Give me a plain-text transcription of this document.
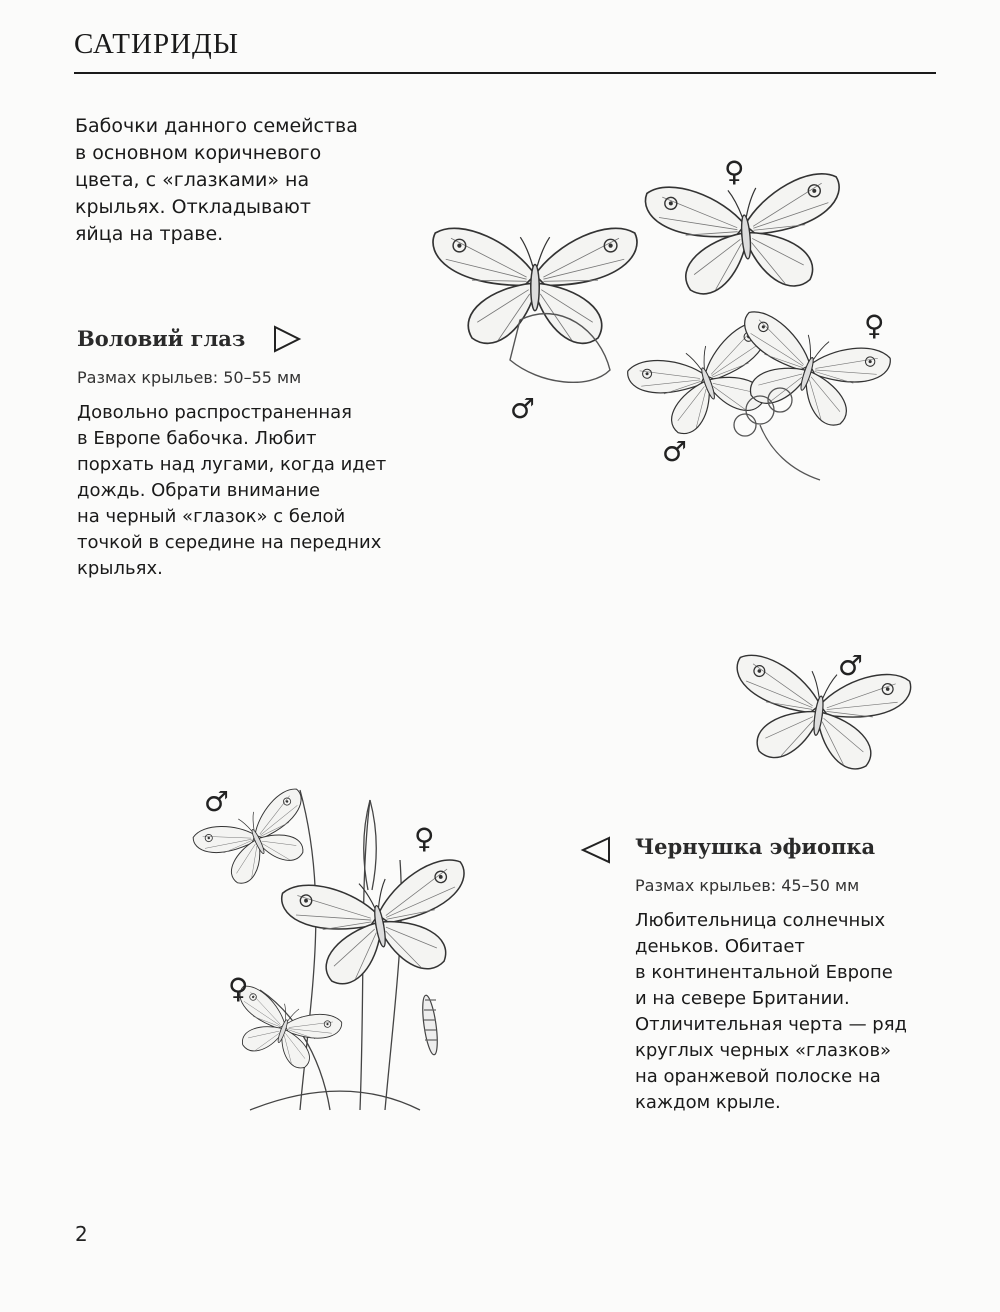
САТИРИДЫ

Бабочки данного семейства
в основном коричневого
цвета, с «глазками» на
крыльях. Откладывают
яйца на траве.
Воловий глаз
Размах крыльев: 50–55 мм
Довольно распространенная
в Европе бабочка. Любит
порхать над лугами, когда идет
дождь. Обрати внимание
на черный «глазок» с белой
точкой в середине на передних
крыльях.
Чернушка эфиопка
Размах крыльев: 45–50 мм
Любительница солнечных
деньков. Обитает
в континентальной Европе
и на севере Британии.
Отличительная черта — ряд
круглых черных «глазков»
на оранжевой полоске на
каждом крыле.
♀
♂
♀
♂
♂
♂
♀
♀
2
